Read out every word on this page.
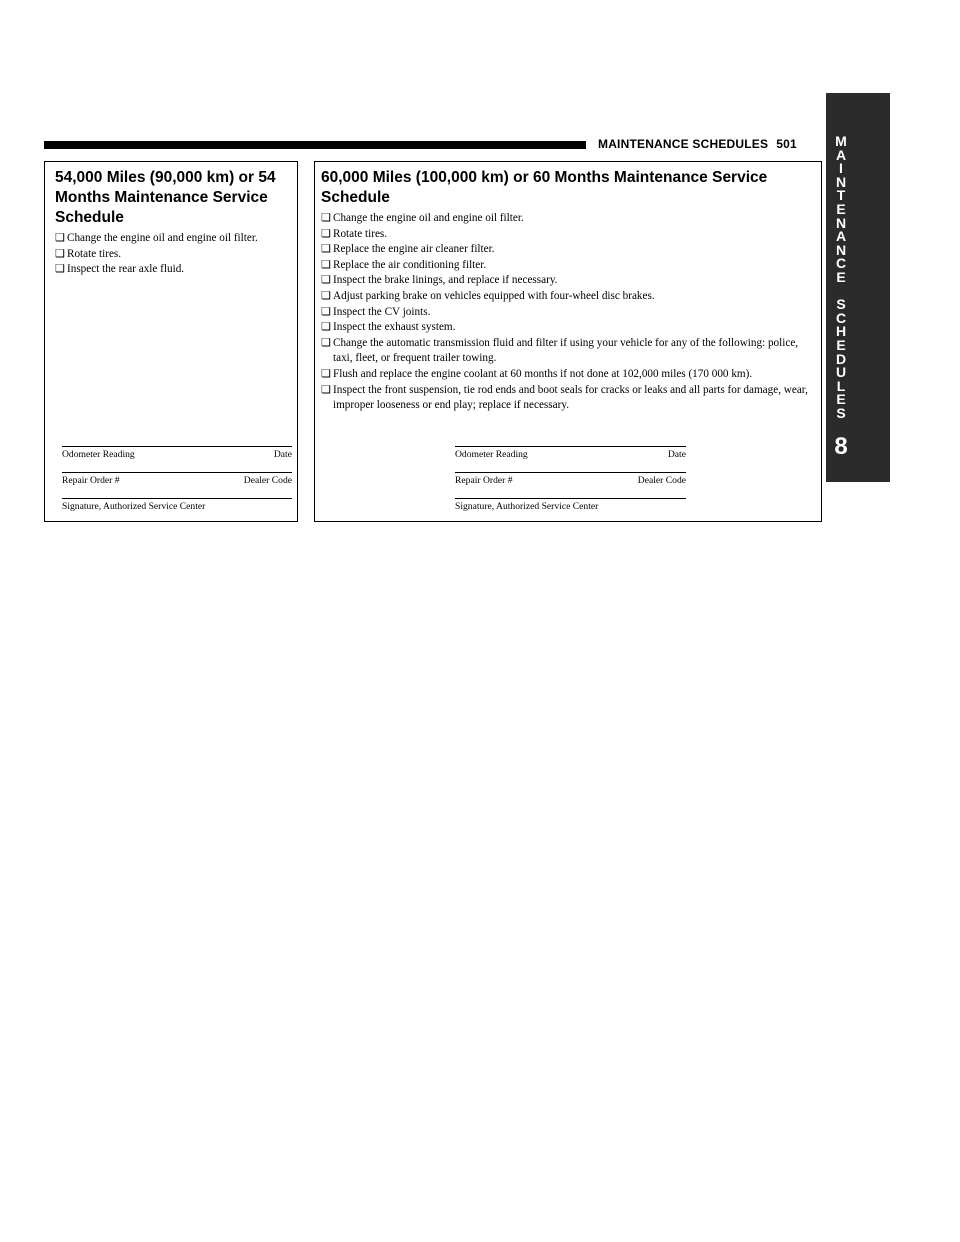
MAINTENANCE SCHEDULES 501	M
A
I
N
T
E
N
A
N
C
E

S
C
H
E
D
U
L
E
S
8
54,000 Miles (90,000 km) or 54 Months Maintenance Service Schedule
❏ Change the engine oil and engine oil filter.
❏ Rotate tires.
❏ Inspect the rear axle fluid.
Odometer Reading	Date
Repair Order #	Dealer Code
Signature, Authorized Service Center
60,000 Miles (100,000 km) or 60 Months Maintenance Service Schedule
❏ Change the engine oil and engine oil filter.
❏ Rotate tires.
❏ Replace the engine air cleaner filter.
❏ Replace the air conditioning filter.
❏ Inspect the brake linings, and replace if necessary.
❏ Adjust parking brake on vehicles equipped with four-wheel disc brakes.
❏ Inspect the CV joints.
❏ Inspect the exhaust system.
❏ Change the automatic transmission fluid and filter if using your vehicle for any of the following: police, taxi, fleet, or frequent trailer towing.
❏ Flush and replace the engine coolant at 60 months if not done at 102,000 miles (170 000 km).
❏ Inspect the front suspension, tie rod ends and boot seals for cracks or leaks and all parts for damage, wear, improper looseness or end play; replace if necessary.
Odometer Reading	Date
Repair Order #	Dealer Code
Signature, Authorized Service Center
